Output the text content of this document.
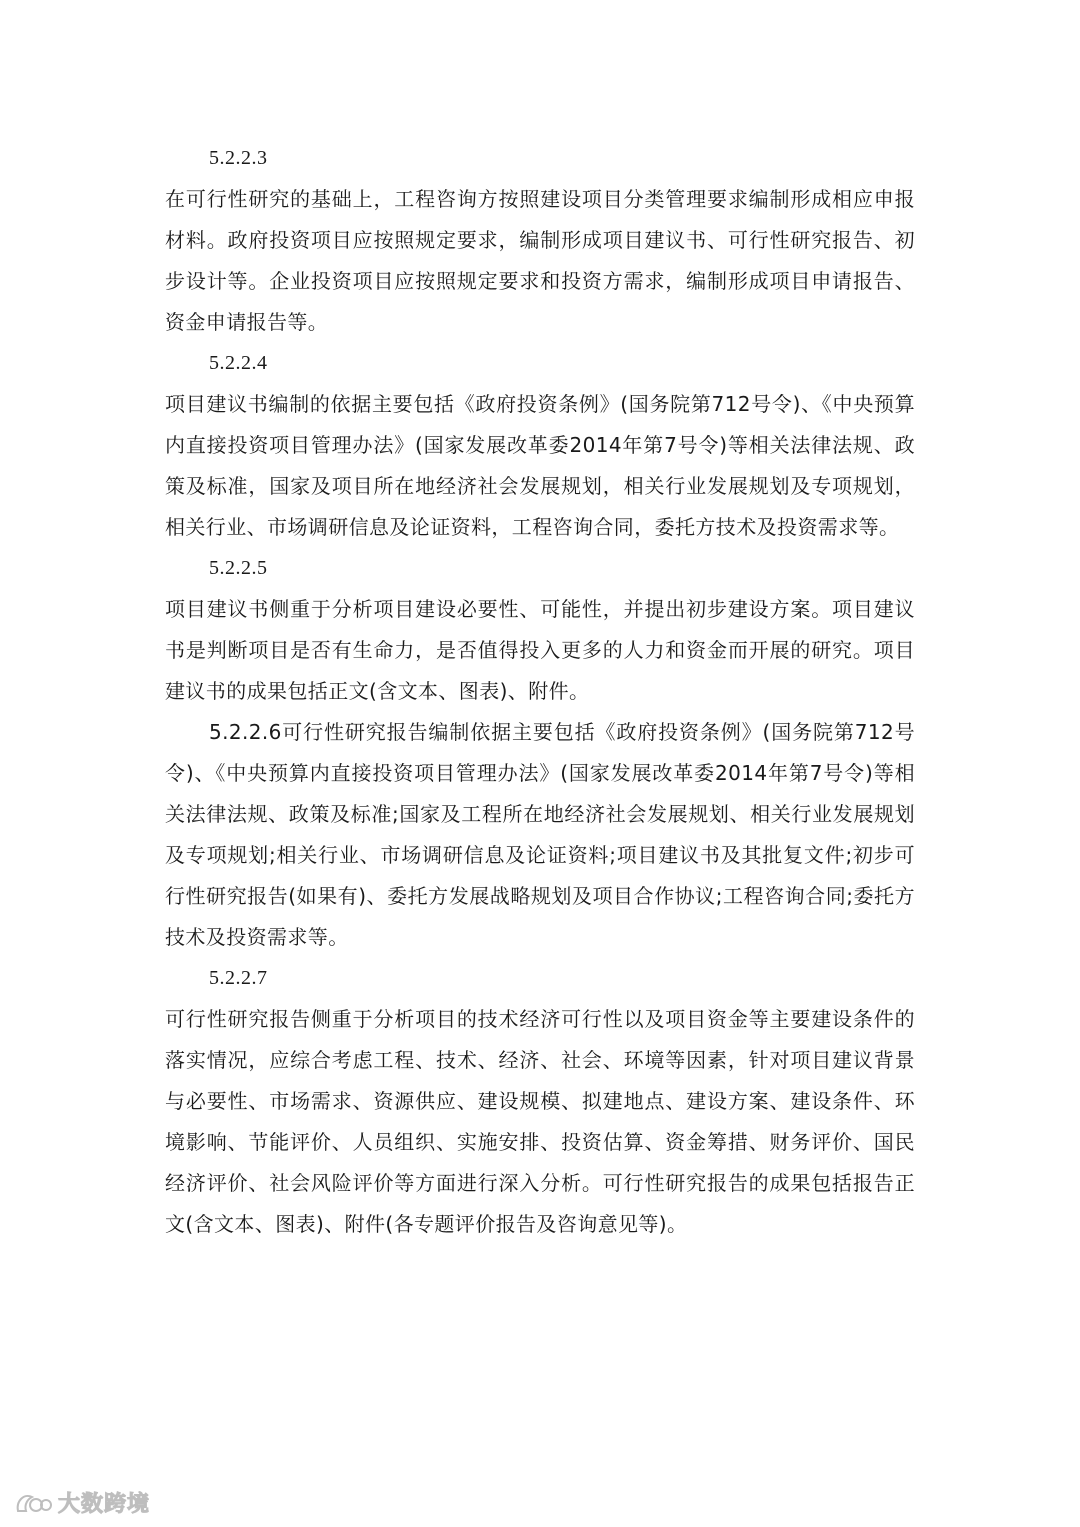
5.2.2.3

在可行性研究的基础上，工程咨询方按照建设项目分类管理要求编制形成相应申报材料。政府投资项目应按照规定要求，编制形成项目建议书、可行性研究报告、初步设计等。企业投资项目应按照规定要求和投资方需求，编制形成项目申请报告、资金申请报告等。

5.2.2.4

项目建议书编制的依据主要包括《政府投资条例》(国务院第712号令)、《中央预算内直接投资项目管理办法》(国家发展改革委2014年第7号令)等相关法律法规、政策及标准，国家及项目所在地经济社会发展规划，相关行业发展规划及专项规划，相关行业、市场调研信息及论证资料，工程咨询合同，委托方技术及投资需求等。

5.2.2.5

项目建议书侧重于分析项目建设必要性、可能性，并提出初步建设方案。项目建议书是判断项目是否有生命力，是否值得投入更多的人力和资金而开展的研究。项目建议书的成果包括正文(含文本、图表)、附件。

5.2.2.6可行性研究报告编制依据主要包括《政府投资条例》(国务院第712号令)、《中央预算内直接投资项目管理办法》(国家发展改革委2014年第7号令)等相关法律法规、政策及标准;国家及工程所在地经济社会发展规划、相关行业发展规划及专项规划;相关行业、市场调研信息及论证资料;项目建议书及其批复文件;初步可行性研究报告(如果有)、委托方发展战略规划及项目合作协议;工程咨询合同;委托方技术及投资需求等。

5.2.2.7

可行性研究报告侧重于分析项目的技术经济可行性以及项目资金等主要建设条件的落实情况，应综合考虑工程、技术、经济、社会、环境等因素，针对项目建议背景与必要性、市场需求、资源供应、建设规模、拟建地点、建设方案、建设条件、环境影响、节能评价、人员组织、实施安排、投资估算、资金筹措、财务评价、国民经济评价、社会风险评价等方面进行深入分析。可行性研究报告的成果包括报告正文(含文本、图表)、附件(各专题评价报告及咨询意见等)。

大数跨境
